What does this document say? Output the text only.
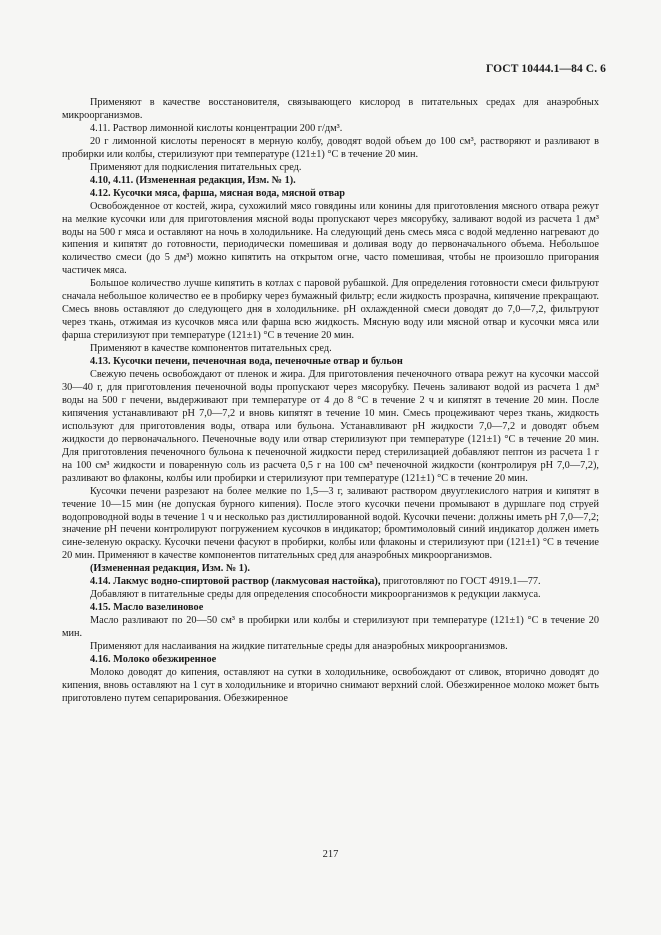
ГОСТ 10444.1—84 С. 6

Применяют в качестве восстановителя, связывающего кислород в питательных средах для анаэробных микроорганизмов.

4.11. Раствор лимонной кислоты концентрации 200 г/дм³.

20 г лимонной кислоты переносят в мерную колбу, доводят водой объем до 100 см³, растворяют и разливают в пробирки или колбы, стерилизуют при температуре (121±1) °С в течение 20 мин.

Применяют для подкисления питательных сред.

4.10, 4.11. (Измененная редакция, Изм. № 1).

4.12. Кусочки мяса, фарша, мясная вода, мясной отвар

Освобожденное от костей, жира, сухожилий мясо говядины или конины для приготовления мясного отвара режут на мелкие кусочки или для приготовления мясной воды пропускают через мясорубку, заливают водой из расчета 1 дм³ воды на 500 г мяса и оставляют на ночь в холодильнике. На следующий день смесь мяса с водой медленно нагревают до кипения и кипятят до готовности, периодически помешивая и доливая воду до первоначального объема. Небольшое количество смеси (до 5 дм³) можно кипятить на открытом огне, часто помешивая, чтобы не произошло пригорания частичек мяса.

Большое количество лучше кипятить в котлах с паровой рубашкой. Для определения готовности смеси фильтруют сначала небольшое количество ее в пробирку через бумажный фильтр; если жидкость прозрачна, кипячение прекращают. Смесь вновь оставляют до следующего дня в холодильнике. рН охлажденной смеси доводят до 7,0—7,2, фильтруют через ткань, отжимая из кусочков мяса или фарша всю жидкость. Мясную воду или мясной отвар и кусочки мяса или фарша стерилизуют при температуре (121±1) °С в течение 20 мин.

Применяют в качестве компонентов питательных сред.

4.13. Кусочки печени, печеночная вода, печеночные отвар и бульон

Свежую печень освобождают от пленок и жира. Для приготовления печеночного отвара режут на кусочки массой 30—40 г, для приготовления печеночной воды пропускают через мясорубку. Печень заливают водой из расчета 1 дм³ воды на 500 г печени, выдерживают при температуре от 4 до 8 °С в течение 2 ч и кипятят в течение 20 мин. После кипячения устанавливают рН 7,0—7,2 и вновь кипятят в течение 10 мин. Смесь процеживают через ткань, жидкость используют для приготовления воды, отвара или бульона. Устанавливают рН жидкости 7,0—7,2 и доводят объем жидкости до первоначального. Печеночные воду или отвар стерилизуют при температуре (121±1) °С в течение 20 мин. Для приготовления печеночного бульона к печеночной жидкости перед стерилизацией добавляют пептон из расчета 1 г на 100 см³ жидкости и поваренную соль из расчета 0,5 г на 100 см³ печеночной жидкости (контролируя рН 7,0—7,2), разливают во флаконы, колбы или пробирки и стерилизуют при температуре (121±1) °С в течение 20 мин.

Кусочки печени разрезают на более мелкие по 1,5—3 г, заливают раствором двууглекислого натрия и кипятят в течение 10—15 мин (не допуская бурного кипения). После этого кусочки печени промывают в дуршлаге под струей водопроводной воды в течение 1 ч и несколько раз дистиллированной водой. Кусочки печени: должны иметь рН 7,0—7,2; значение рН печени контролируют погружением кусочков в индикатор; бромтимоловый синий индикатор должен иметь сине-зеленую окраску. Кусочки печени фасуют в пробирки, колбы или флаконы и стерилизуют при (121±1) °С в течение 20 мин. Применяют в качестве компонентов питательных сред для анаэробных микроорганизмов.

(Измененная редакция, Изм. № 1).

4.14. Лакмус водно-спиртовой раствор (лакмусовая настойка), приготовляют по ГОСТ 4919.1—77.

Добавляют в питательные среды для определения способности микроорганизмов к редукции лакмуса.

4.15. Масло вазелиновое

Масло разливают по 20—50 см³ в пробирки или колбы и стерилизуют при температуре (121±1) °С в течение 20 мин.

Применяют для наслаивания на жидкие питательные среды для анаэробных микроорганизмов.

4.16. Молоко обезжиренное

Молоко доводят до кипения, оставляют на сутки в холодильнике, освобождают от сливок, вторично доводят до кипения, вновь оставляют на 1 сут в холодильнике и вторично снимают верхний слой. Обезжиренное молоко может быть приготовлено путем сепарирования. Обезжиренное

217
